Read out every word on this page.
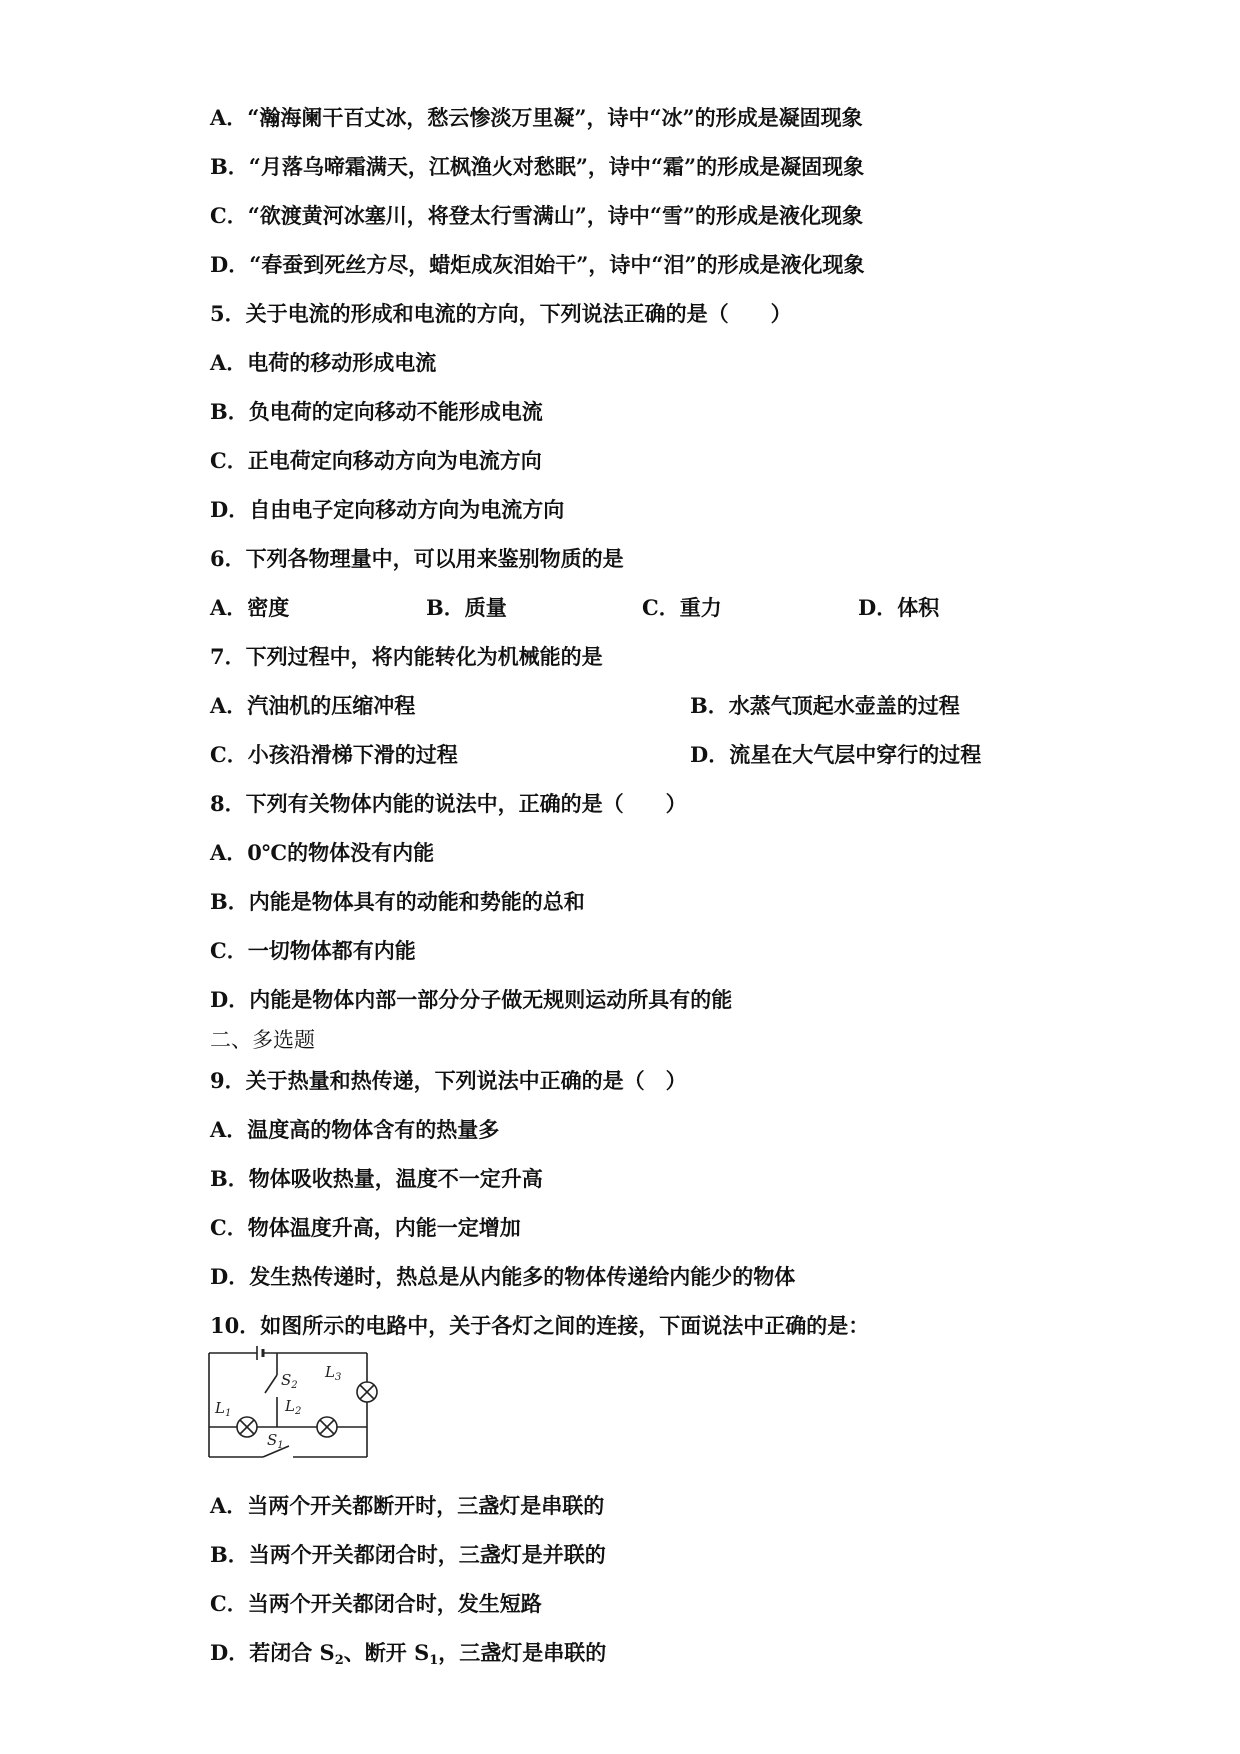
A．“瀚海阑干百丈冰，愁云惨淡万里凝”，诗中“冰”的形成是凝固现象
B．“月落乌啼霜满天，江枫渔火对愁眠”，诗中“霜”的形成是凝固现象
C．“欲渡黄河冰塞川，将登太行雪满山”，诗中“雪”的形成是液化现象
D．“春蚕到死丝方尽，蜡炬成灰泪始干”，诗中“泪”的形成是液化现象
5．关于电流的形成和电流的方向，下列说法正确的是（　　）
A．电荷的移动形成电流
B．负电荷的定向移动不能形成电流
C．正电荷定向移动方向为电流方向
D．自由电子定向移动方向为电流方向
6．下列各物理量中，可以用来鉴别物质的是
A．密度	B．质量	C．重力	D．体积
7．下列过程中，将内能转化为机械能的是
A．汽油机的压缩冲程	B．水蒸气顶起水壶盖的过程
C．小孩沿滑梯下滑的过程	D．流星在大气层中穿行的过程
8．下列有关物体内能的说法中，正确的是（　　）
A．0℃的物体没有内能
B．内能是物体具有的动能和势能的总和
C．一切物体都有内能
D．内能是物体内部一部分分子做无规则运动所具有的能
二、多选题
9．关于热量和热传递，下列说法中正确的是（　）
A．温度高的物体含有的热量多
B．物体吸收热量，温度不一定升高
C．物体温度升高，内能一定增加
D．发生热传递时，热总是从内能多的物体传递给内能少的物体
10．如图所示的电路中，关于各灯之间的连接，下面说法中正确的是：
$L_1$	$L_2$
$L_3$
$S_1$
$S_2$
A．当两个开关都断开时，三盏灯是串联的
B．当两个开关都闭合时，三盏灯是并联的
C．当两个开关都闭合时，发生短路
D．若闭合 $S_2$、断开 $S_1$，三盏灯是串联的
